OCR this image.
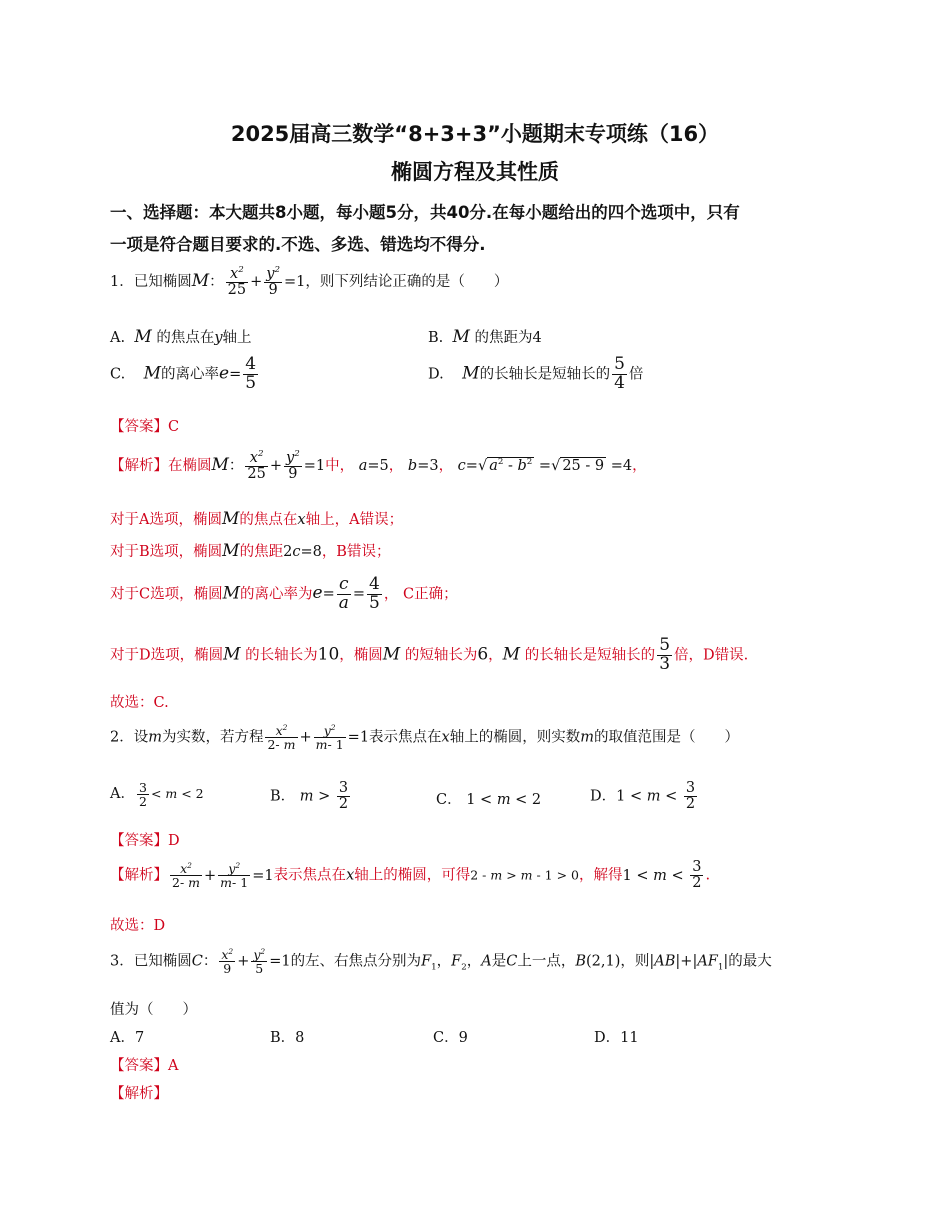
2025届高三数学“8+3+3”小题期末专项练（16）
椭圆方程及其性质
一、选择题：本大题共8小题，每小题5分，共40分.在每小题给出的四个选项中，只有
一项是符合题目要求的.不选、多选、错选均不得分.
1．已知椭圆M： $\frac{x^2}{25} + \frac{y^2}{9} =1$，则下列结论正确的是（　　）
A. M 的焦点在y轴上	B. M 的焦距为4
C. M的离心率$e= \frac{4}{5}$	D. M的长轴长是短轴长的 $\frac{5}{4}$ 倍
【答案】C
【解析】在椭圆M： $\frac{x^2}{25} + \frac{y^2}{9} =1$中， a=5， b=3， c=√ $a^2 - b^2$ =√ 25 - 9 =4，
对于A选项，椭圆M的焦点在x轴上，A错误；
对于B选项，椭圆M的焦距2c=8，B错误；
对于C选项，椭圆M的离心率为$e= \frac{c}{a} = \frac{4}{5}$ ， C正确；
对于D选项，椭圆M 的长轴长为10，椭圆M 的短轴长为6，M 的长轴长是短轴长的 $\frac{5}{3}$ 倍，D错误.
故选：C.
2．设m为实数，若方程 $\frac{x^2}{2- m} + \frac{y^2}{m- 1} =1$表示焦点在x轴上的椭圆，则实数m的取值范围是（　　）
A． $\frac{3}{2} < m < 2$	B． $m > \frac{3}{2}$	C． 1 < m < 2	D．$1 < m < \frac{3}{2}$
【答案】D
【解析】 $\frac{x^2}{2- m} + \frac{y^2}{m- 1} =1$表示焦点在x轴上的椭圆，可得2 - m > m - 1 > 0，解得$1 < m < \frac{3}{2}$ .
故选：D
3．已知椭圆C： $\frac{x^2}{9} + \frac{y^2}{5} =1$的左、右焦点分别为$F_1$，$F_2$，A是C上一点，B(2,1)，则$|AB|+|AF_1|$的最大
值为（　　）
A．7	B．8	C．9	D．11
【答案】A
【解析】
